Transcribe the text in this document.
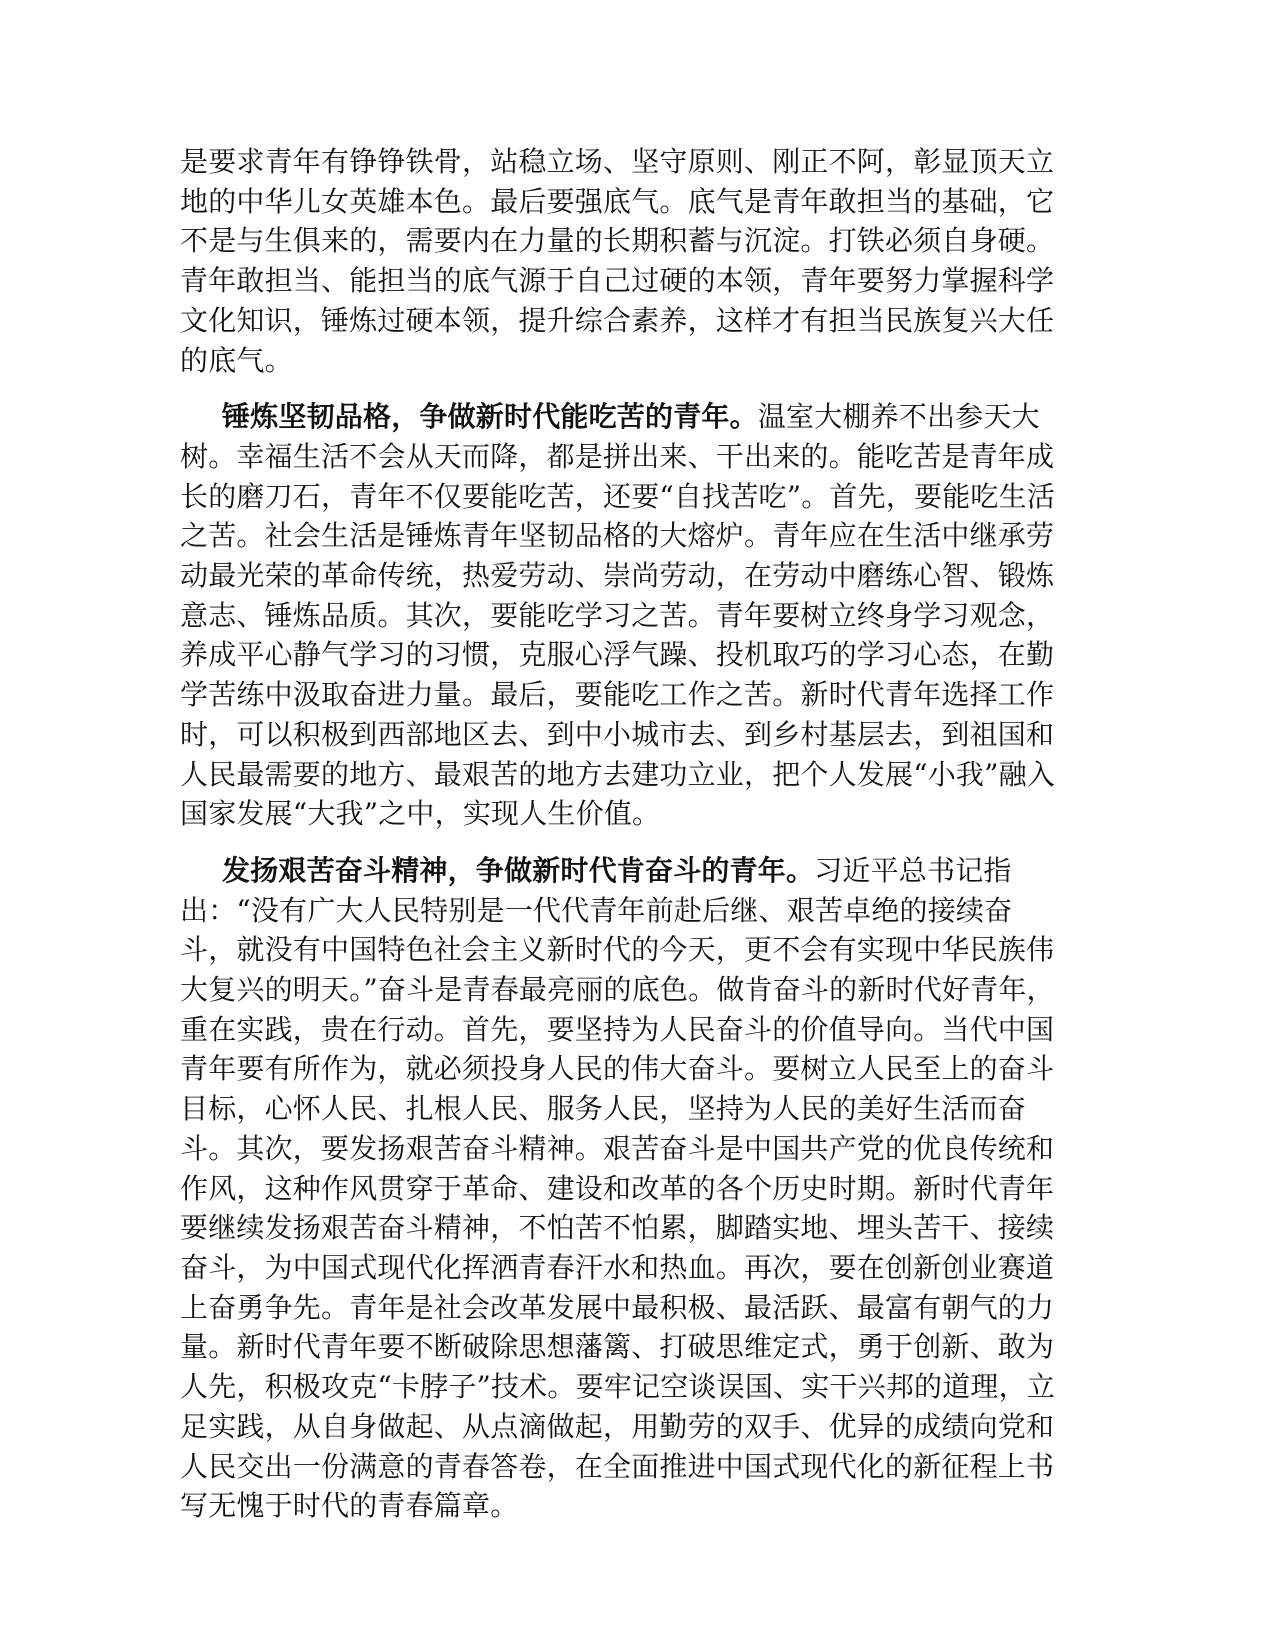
是要求青年有铮铮铁骨，站稳立场、坚守原则、刚正不阿，彰显顶天立地的中华儿女英雄本色。最后要强底气。底气是青年敢担当的基础，它不是与生俱来的，需要内在力量的长期积蓄与沉淀。打铁必须自身硬。青年敢担当、能担当的底气源于自己过硬的本领，青年要努力掌握科学文化知识，锤炼过硬本领，提升综合素养，这样才有担当民族复兴大任的底气。

锤炼坚韧品格，争做新时代能吃苦的青年。温室大棚养不出参天大树。幸福生活不会从天而降，都是拼出来、干出来的。能吃苦是青年成长的磨刀石，青年不仅要能吃苦，还要“自找苦吃”。首先，要能吃生活之苦。社会生活是锤炼青年坚韧品格的大熔炉。青年应在生活中继承劳动最光荣的革命传统，热爱劳动、崇尚劳动，在劳动中磨练心智、锻炼意志、锤炼品质。其次，要能吃学习之苦。青年要树立终身学习观念，养成平心静气学习的习惯，克服心浮气躁、投机取巧的学习心态，在勤学苦练中汲取奋进力量。最后，要能吃工作之苦。新时代青年选择工作时，可以积极到西部地区去、到中小城市去、到乡村基层去，到祖国和人民最需要的地方、最艰苦的地方去建功立业，把个人发展“小我”融入国家发展“大我”之中，实现人生价值。

发扬艰苦奋斗精神，争做新时代肯奋斗的青年。习近平总书记指出：“没有广大人民特别是一代代青年前赴后继、艰苦卓绝的接续奋斗，就没有中国特色社会主义新时代的今天，更不会有实现中华民族伟大复兴的明天。”奋斗是青春最亮丽的底色。做肯奋斗的新时代好青年，重在实践，贵在行动。首先，要坚持为人民奋斗的价值导向。当代中国青年要有所作为，就必须投身人民的伟大奋斗。要树立人民至上的奋斗目标，心怀人民、扎根人民、服务人民，坚持为人民的美好生活而奋斗。其次，要发扬艰苦奋斗精神。艰苦奋斗是中国共产党的优良传统和作风，这种作风贯穿于革命、建设和改革的各个历史时期。新时代青年要继续发扬艰苦奋斗精神，不怕苦不怕累，脚踏实地、埋头苦干、接续奋斗，为中国式现代化挥洒青春汗水和热血。再次，要在创新创业赛道上奋勇争先。青年是社会改革发展中最积极、最活跃、最富有朝气的力量。新时代青年要不断破除思想藩篱、打破思维定式，勇于创新、敢为人先，积极攻克“卡脖子”技术。要牢记空谈误国、实干兴邦的道理，立足实践，从自身做起、从点滴做起，用勤劳的双手、优异的成绩向党和人民交出一份满意的青春答卷，在全面推进中国式现代化的新征程上书写无愧于时代的青春篇章。
